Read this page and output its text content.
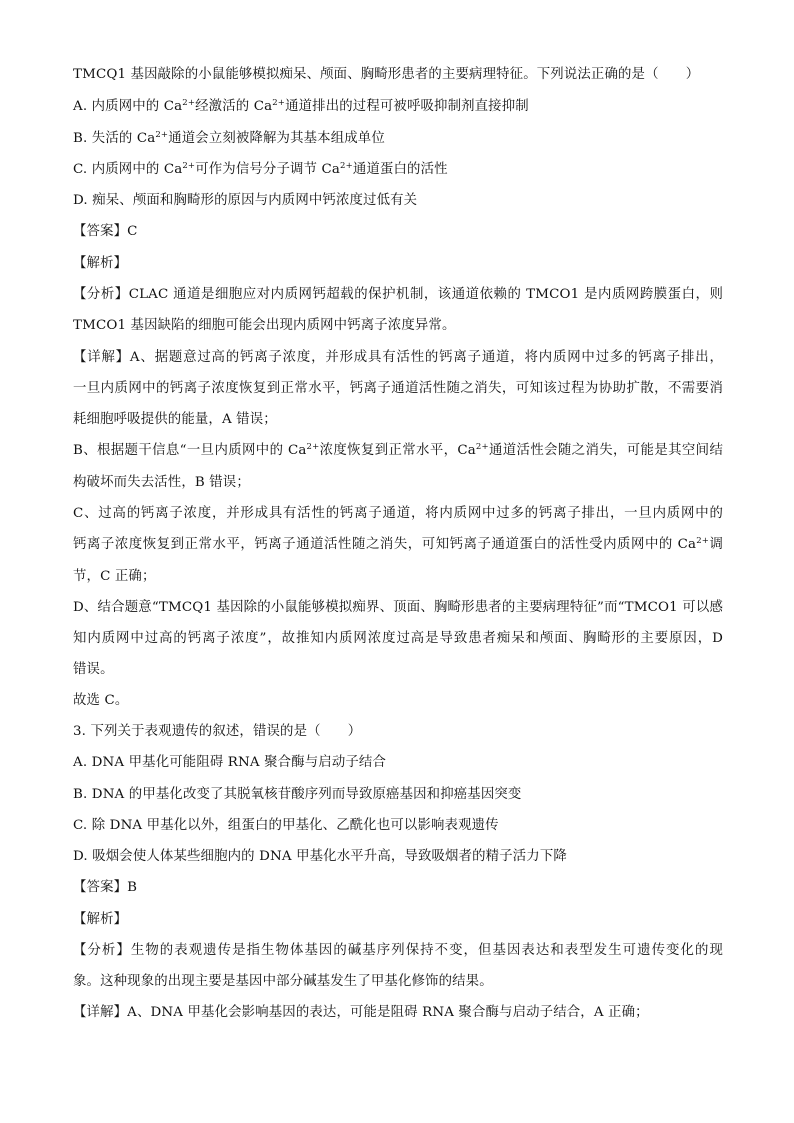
TMCQ1 基因敲除的小鼠能够模拟痴呆、颅面、胸畸形患者的主要病理特征。下列说法正确的是（　　）
A. 内质网中的 $Ca^{2+}$经激活的 $Ca^{2+}$通道排出的过程可被呼吸抑制剂直接抑制
B. 失活的 $Ca^{2+}$通道会立刻被降解为其基本组成单位
C. 内质网中的 $Ca^{2+}$可作为信号分子调节 $Ca^{2+}$通道蛋白的活性
D. 痴呆、颅面和胸畸形的原因与内质网中钙浓度过低有关
【答案】C
【解析】
【分析】CLAC 通道是细胞应对内质网钙超载的保护机制，该通道依赖的 TMCO1 是内质网跨膜蛋白，则
TMCO1 基因缺陷的细胞可能会出现内质网中钙离子浓度异常。
【详解】A、据题意过高的钙离子浓度，并形成具有活性的钙离子通道，将内质网中过多的钙离子排出，
一旦内质网中的钙离子浓度恢复到正常水平，钙离子通道活性随之消失，可知该过程为协助扩散，不需要消
耗细胞呼吸提供的能量，A 错误；
B、根据题干信息“一旦内质网中的 $Ca^{2+}$浓度恢复到正常水平，$Ca^{2+}$通道活性会随之消失，可能是其空间结
构破坏而失去活性，B 错误；
C、过高的钙离子浓度，并形成具有活性的钙离子通道，将内质网中过多的钙离子排出，一旦内质网中的
钙离子浓度恢复到正常水平，钙离子通道活性随之消失，可知钙离子通道蛋白的活性受内质网中的 $Ca^{2+}$调
节，C 正确；
D、结合题意“TMCQ1 基因除的小鼠能够模拟痴界、顶面、胸畸形患者的主要病理特征”而“TMCO1 可以感
知内质网中过高的钙离子浓度”，故推知内质网浓度过高是导致患者痴呆和颅面、胸畸形的主要原因，D
错误。
故选 C。
3. 下列关于表观遗传的叙述，错误的是（　　）
A. DNA 甲基化可能阻碍 RNA 聚合酶与启动子结合
B. DNA 的甲基化改变了其脱氧核苷酸序列而导致原癌基因和抑癌基因突变
C. 除 DNA 甲基化以外，组蛋白的甲基化、乙酰化也可以影响表观遗传
D. 吸烟会使人体某些细胞内的 DNA 甲基化水平升高，导致吸烟者的精子活力下降
【答案】B
【解析】
【分析】生物的表观遗传是指生物体基因的碱基序列保持不变，但基因表达和表型发生可遗传变化的现
象。这种现象的出现主要是基因中部分碱基发生了甲基化修饰的结果。
【详解】A、DNA 甲基化会影响基因的表达，可能是阻碍 RNA 聚合酶与启动子结合，A 正确；
